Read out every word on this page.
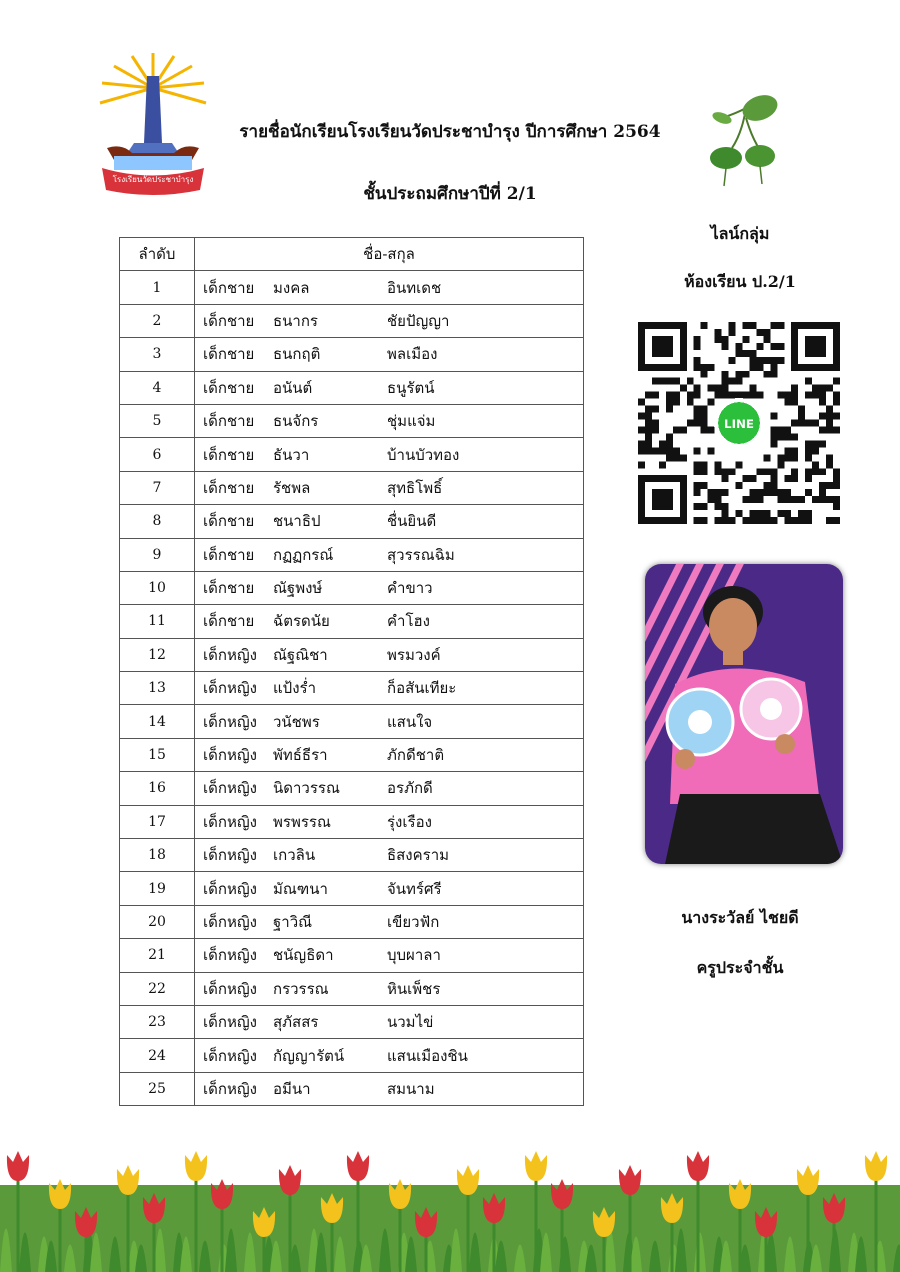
โรงเรียนวัดประชาบำรุง
รายชื่อนักเรียนโรงเรียนวัดประชาบำรุง ปีการศึกษา 2564
ชั้นประถมศึกษาปีที่ 2/1
ลำดับ	ชื่อ-สกุล
1	เด็กชาย มงคล อินทเดช
2	เด็กชาย ธนากร ชัยปัญญา
3	เด็กชาย ธนกฤติ พลเมือง
4	เด็กชาย อนันต์ ธนูรัตน์
5	เด็กชาย ธนจักร ชุ่มแจ่ม
6	เด็กชาย ธันวา บ้านบัวทอง
7	เด็กชาย รัชพล สุทธิโพธิ์
8	เด็กชาย ชนาธิป ชื่นยินดี
9	เด็กชาย กฏฏกรณ์ สุวรรณฉิม
10	เด็กชาย ณัฐพงษ์ คำขาว
11	เด็กชาย ฉัตรดนัย คำโฮง
12	เด็กหญิง ณัฐณิชา พรมวงค์
13	เด็กหญิง แป้งร่ำ ก็อสันเทียะ
14	เด็กหญิง วนัชพร แสนใจ
15	เด็กหญิง พัทธ์ธีรา ภักดีชาติ
16	เด็กหญิง นิดาวรรณ อรภักดี
17	เด็กหญิง พรพรรณ รุ่งเรือง
18	เด็กหญิง เกวลิน ธิสงคราม
19	เด็กหญิง มัณฑนา จันทร์ศรี
20	เด็กหญิง ฐาวิณี เขียวฟัก
21	เด็กหญิง ชนัญธิดา บุบผาลา
22	เด็กหญิง กรวรรณ หินเพ็ชร
23	เด็กหญิง สุภัสสร นวมไข่
24	เด็กหญิง กัญญารัตน์ แสนเมืองชิน
25	เด็กหญิง อมีนา สมนาม
ไลน์กลุ่ม
ห้องเรียน ป.2/1
LINE
นางระวัลย์ ไชยดี
ครูประจำชั้น
